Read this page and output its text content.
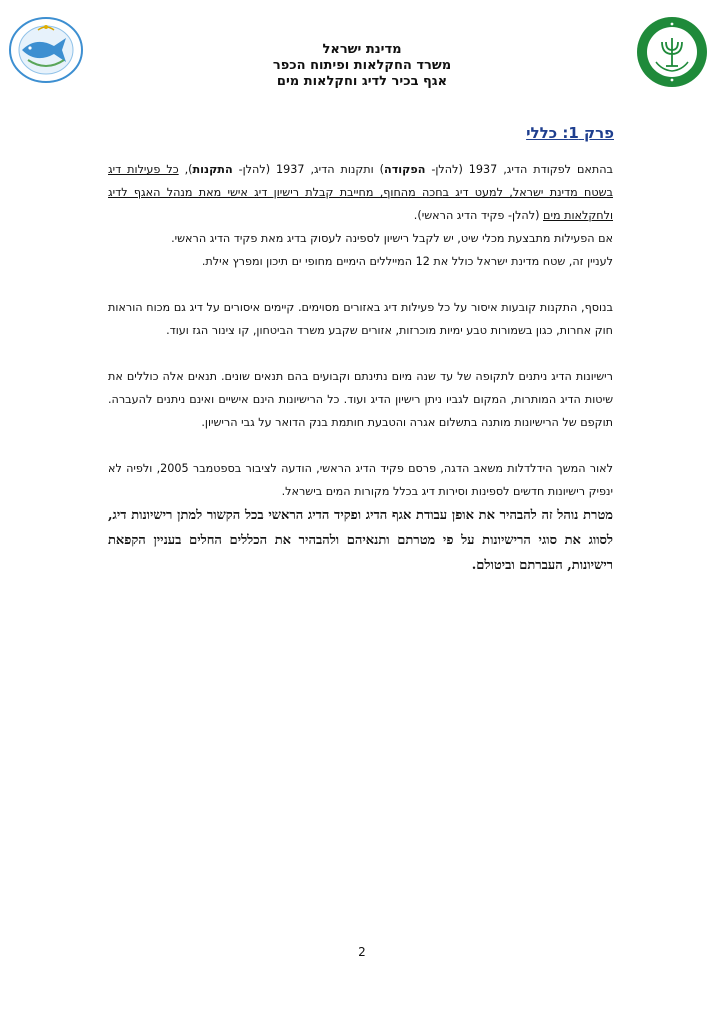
מדינת ישראל
משרד החקלאות ופיתוח הכפר
אגף בכיר לדיג וחקלאות מים
פרק 1: כללי

בהתאם לפקודת הדיג, 1937 (להלן- הפקודה) ותקנות הדיג, 1937 (להלן- התקנות), כל פעילות דיג בשטח מדינת ישראל, למעט דיג בחכה מהחוף, מחייבת קבלת רישיון דיג אישי מאת מנהל האגף לדיג ולחקלאות מים (להלן- פקיד הדיג הראשי).

אם הפעילות מתבצעת מכלי שיט, יש לקבל רישיון לספינה לעסוק בדיג מאת פקיד הדיג הראשי.

לעניין זה, שטח מדינת ישראל כולל את 12 המייללים הימיים מחופי ים תיכון ומפרץ אילת.

בנוסף, התקנות קובעות איסור על כל פעילות דיג באזורים מסוימים. קיימים איסורים על דיג גם מכוח הוראות חוק אחרות, כגון בשמורות טבע ימיות מוכרזות, אזורים שקבע משרד הביטחון, קו צינור הגז ועוד.

רישיונות הדיג ניתנים לתקופה של עד שנה מיום נתינתם וקבועים בהם תנאים שונים. תנאים אלה כוללים את שיטות הדיג המותרות, המקום לגביו ניתן רישיון הדיג ועוד. כל הרישיונות הינם אישיים ואינם ניתנים להעברה. תוקפם של הרישיונות מותנה בתשלום אגרה והטבעת חותמת בנק הדואר על גבי הרישיון.

לאור המשך הידלדלות משאב הדגה, פרסם פקיד הדיג הראשי, הודעה לציבור בספטמבר 2005, ולפיה לא ינפיק רישיונות חדשים לספינות וסירות דיג בכלל מקורות המים בישראל.

מטרת נוהל זה להבהיר את אופן עבודת אגף הדיג ופקיד הדיג הראשי בכל הקשור למתן רישיונות דיג, לסווג את סוגי הרישיונות על פי מטרתם ותנאיהם ולהבהיר את הכללים החלים בעניין הקפאת רישיונות, העברתם וביטולם.

2
